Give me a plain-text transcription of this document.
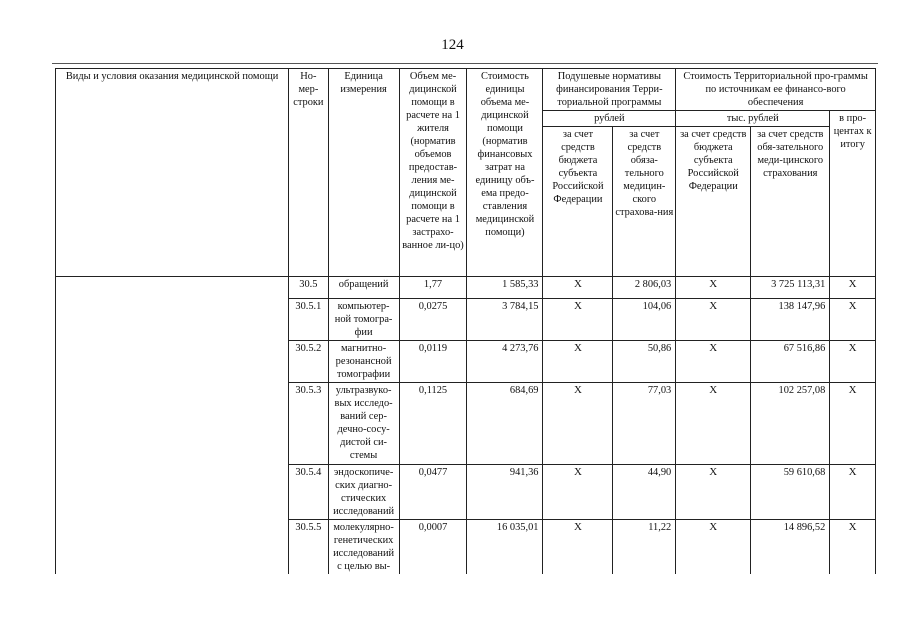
124
Виды и условия оказания медицинской помощи	Но-мер-строки	Единица измерения	Объем ме-дицинской помощи в расчете на 1 жителя (норматив объемов предостав-ления ме-дицинской помощи в расчете на 1 застрахо-ванное ли-цо)	Стоимость единицы объема ме-дицинской помощи (норматив финансовых затрат на единицу объ-ема предо-ставления медицинской помощи)	Подушевые нормативы финансирования Терри-ториальной программы		Стоимость Территориальной про-граммы по источникам ее финансо-вого обеспечения		
					рублей		тыс. рублей		в про-центах к итогу
					за счет средств бюджета субъекта Российской Федерации	за счет средств обяза-тельного медицин-ского страхова-ния	за счет средств бюджета субъекта Российской Федерации	за счет средств обя-зательного меди-цинского страхования	
	30.5	обращений	1,77	1 585,33	X	2 806,03	X	3 725 113,31	X
	30.5.1	компьютер-ной томогра-фии	0,0275	3 784,15	X	104,06	X	138 147,96	X
	30.5.2	магнитно-резонансной томографии	0,0119	4 273,76	X	50,86	X	67 516,86	X
	30.5.3	ультразвуко-вых исследо-ваний сер-дечно-сосу-дистой си-стемы	0,1125	684,69	X	77,03	X	102 257,08	X
	30.5.4	эндоскопиче-ских диагно-стических исследований	0,0477	941,36	X	44,90	X	59 610,68	X
	30.5.5	молекулярно-генетических исследований с целью вы-	0,0007	16 035,01	X	11,22	X	14 896,52	X
